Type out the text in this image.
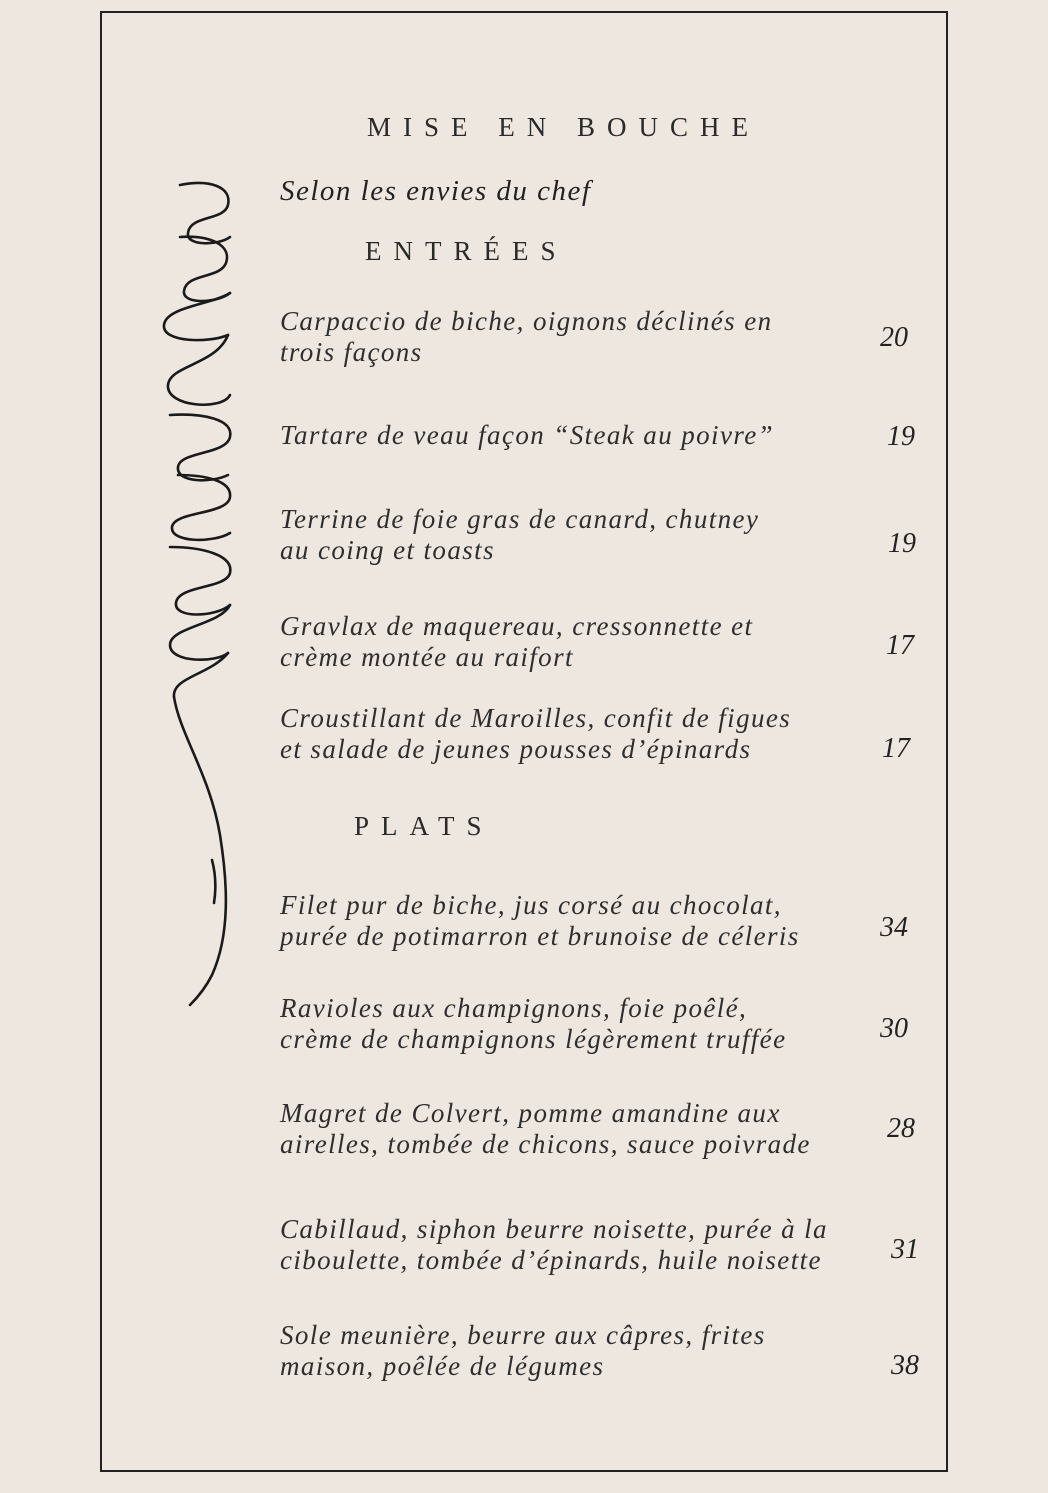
MISE EN BOUCHE
Selon les envies du chef
ENTRÉES
Carpaccio de biche, oignons déclinés en
trois façons	20
Tartare de veau façon “Steak au poivre”	19
Terrine de foie gras de canard, chutney
au coing et toasts	19
Gravlax de maquereau, cressonnette et
crème montée au raifort	17
Croustillant de Maroilles, confit de figues
et salade de jeunes pousses d’épinards	17
PLATS
Filet pur de biche, jus corsé au chocolat,
purée de potimarron et brunoise de céleris	34
Ravioles aux champignons, foie poêlé,
crème de champignons légèrement truffée	30
Magret de Colvert, pomme amandine aux
airelles, tombée de chicons, sauce poivrade	28
Cabillaud, siphon beurre noisette, purée à la
ciboulette, tombée d’épinards, huile noisette	31
Sole meunière, beurre aux câpres, frites
maison, poêlée de légumes	38
